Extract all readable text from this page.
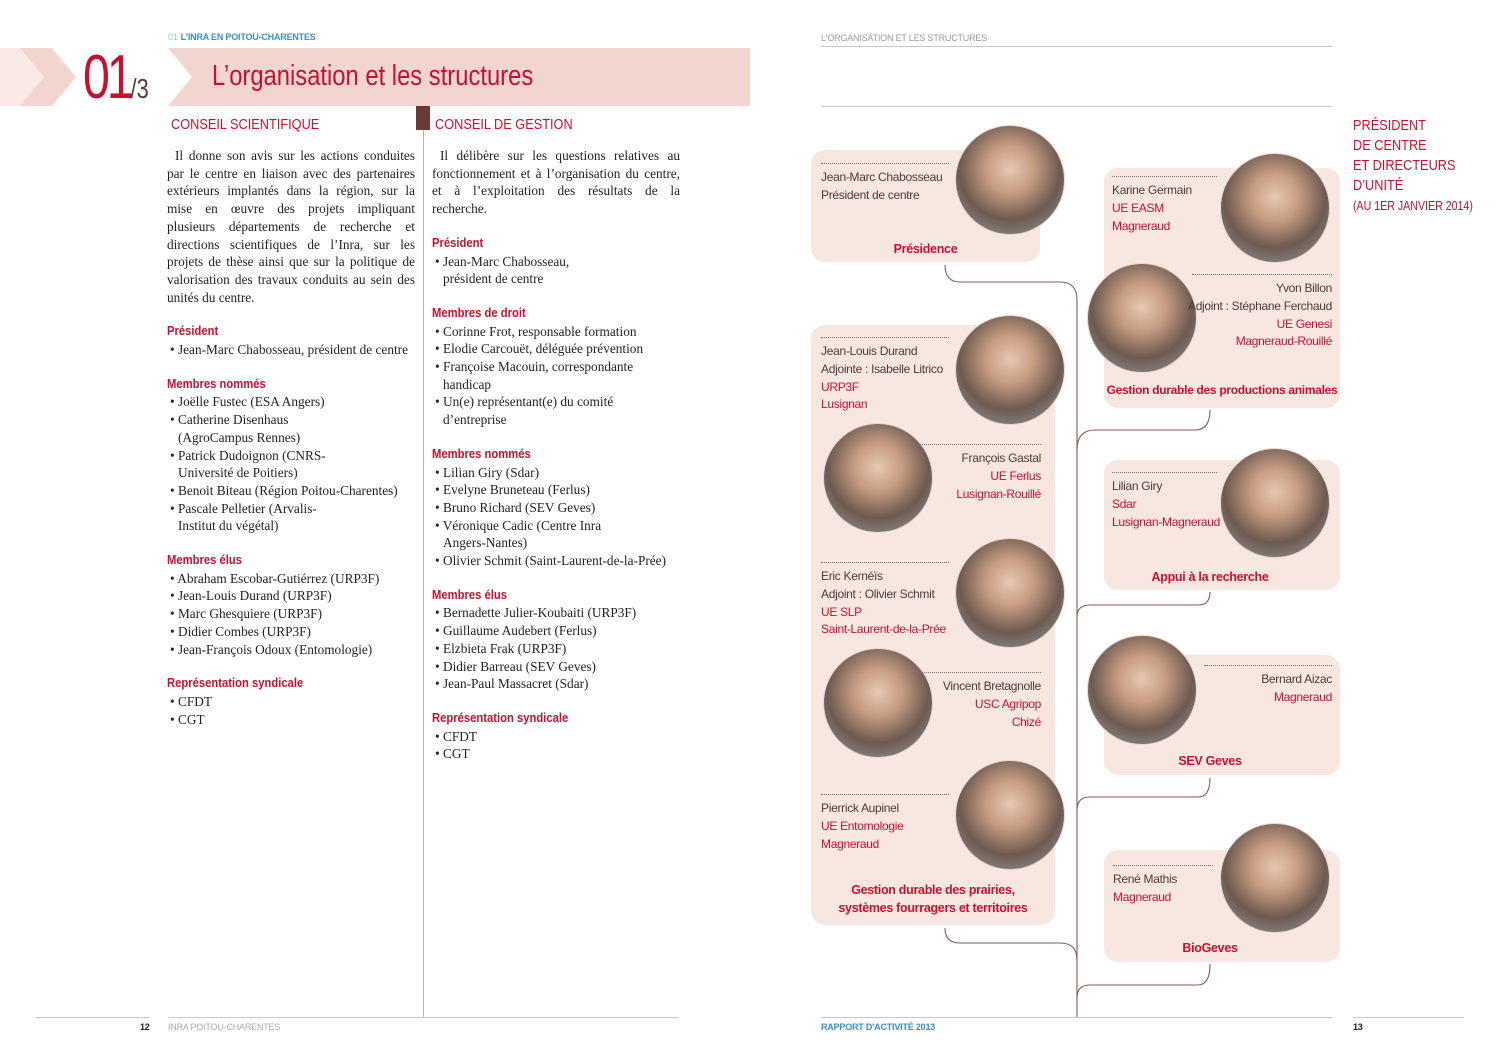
01 L'INRA EN POITOU-CHARENTES
01/3 L’organisation et les structures
CONSEIL SCIENTIFIQUE	CONSEIL DE GESTION

Il donne son avis sur les actions conduites par le centre en liaison avec des partenaires extérieurs implantés dans la région, sur la mise en œuvre des projets impliquant plusieurs départements de recherche et directions scientifiques de l’Inra, sur les projets de thèse ainsi que sur la politique de valorisation des travaux conduits au sein des unités du centre.

Président
• Jean-Marc Chabosseau, président de centre
Membres nommés
• Joëlle Fustec (ESA Angers)
• Catherine Disenhaus (AgroCampus Rennes)
• Patrick Dudoignon (CNRS-Université de Poitiers)
• Benoit Biteau (Région Poitou-Charentes)
• Pascale Pelletier (Arvalis-Institut du végétal)
Membres élus
• Abraham Escobar-Gutiérrez (URP3F)
• Jean-Louis Durand (URP3F)
• Marc Ghesquiere (URP3F)
• Didier Combes (URP3F)
• Jean-François Odoux (Entomologie)
Représentation syndicale
• CFDT
• CGT

Il délibère sur les questions relatives au fonctionnement et à l’organisation du centre, et à l’exploitation des résultats de la recherche.

Président
• Jean-Marc Chabosseau, président de centre
Membres de droit
• Corinne Frot, responsable formation
• Elodie Carcouët, déléguée prévention
• Françoise Macouin, correspondante handicap
• Un(e) représentant(e) du comité d’entreprise
Membres nommés
• Lilian Giry (Sdar)
• Evelyne Bruneteau (Ferlus)
• Bruno Richard (SEV Geves)
• Véronique Cadic (Centre Inra Angers-Nantes)
• Olivier Schmit (Saint-Laurent-de-la-Prée)
Membres élus
• Bernadette Julier-Koubaiti (URP3F)
• Guillaume Audebert (Ferlus)
• Elzbieta Frak (URP3F)
• Didier Barreau (SEV Geves)
• Jean-Paul Massacret (Sdar)
Représentation syndicale
• CFDT
• CGT
12 INRA POITOU-CHARENTES
L'ORGANISATION ET LES STRUCTURES
PRÉSIDENT
DE CENTRE
ET DIRECTEURS
D’UNITÉ
(AU 1ER JANVIER 2014)
Jean-Marc Chabosseau
Président de centre
Jean-Louis Durand
Adjointe : Isabelle Litrico
URP3F
Lusignan
François Gastal
UE Ferlus
Lusignan-Rouillé
Eric Kernéïs
Adjoint : Olivier Schmit
UE SLP
Saint-Laurent-de-la-Prée
Vincent Bretagnolle
USC Agripop
Chizé
Pierrick Aupinel
UE Entomologie
Magneraud
Karine Germain
UE EASM
Magneraud
Yvon Billon
Adjoint : Stéphane Ferchaud
UE Genesi
Magneraud-Rouillé
Lilian Giry
Sdar
Lusignan-Magneraud
Bernard Aizac
Magneraud
René Mathis
Magneraud
Présidence
Gestion durable des prairies, systèmes fourragers et territoires
Gestion durable des productions animales
Appui à la recherche
SEV Geves
BioGeves
RAPPORT D'ACTIVITÉ 2013	13
